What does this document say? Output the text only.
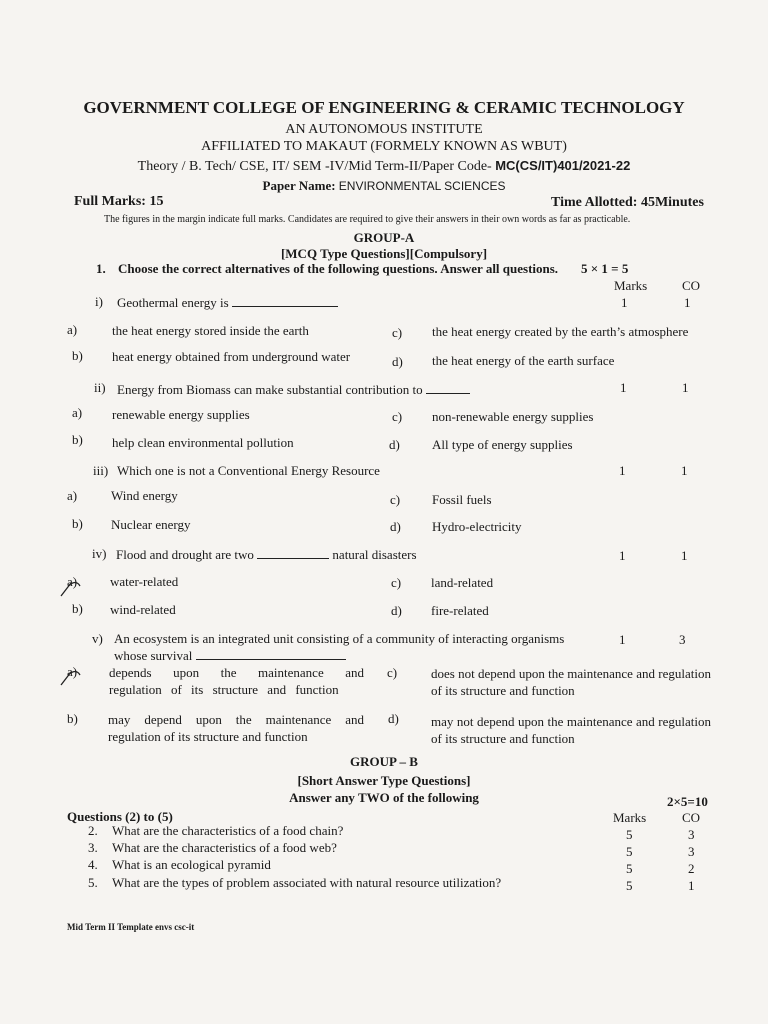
GOVERNMENT COLLEGE OF ENGINEERING & CERAMIC TECHNOLOGY
AN AUTONOMOUS INSTITUTE
AFFILIATED TO MAKAUT (FORMELY KNOWN AS WBUT)
Theory / B. Tech/ CSE, IT/ SEM -IV/Mid Term-II/Paper Code- MC(CS/IT)401/2021-22
Paper Name: ENVIRONMENTAL SCIENCES
Full Marks: 15	Time Allotted: 45Minutes
The figures in the margin indicate full marks. Candidates are required to give their answers in their own words as far as practicable.
GROUP-A
[MCQ Type Questions][Compulsory]
1. Choose the correct alternatives of the following questions. Answer all questions. 5 × 1 = 5
Marks	CO
i) Geothermal energy is	1	1
a)	the heat energy stored inside the earth	c) the heat energy created by the earth’s atmosphere
b) heat energy obtained from underground water	d) the heat energy of the earth surface
ii) Energy from Biomass can make substantial contribution to	1	1
a) renewable energy supplies	c) non-renewable energy supplies
b) help clean environmental pollution	d) All type of energy supplies
iii) Which one is not a Conventional Energy Resource	1	1
a)	Wind energy	c) Fossil fuels
b) Nuclear energy	d) Hydro-electricity
iv) Flood and drought are two	natural disasters	1	1
a)	water-related	c) land-related
b) wind-related	d) fire-related
v) An ecosystem is an integrated unit consisting of a community of interacting organisms
whose survival
1	3
a) depends upon the maintenance and regulation of its structure and function
c)	does not depend upon the maintenance and regulation of its structure and function
b) may depend upon the maintenance and regulation of its structure and function
d) may not depend upon the maintenance and regulation of its structure and function
GROUP – B
[Short Answer Type Questions]
Answer any TWO of the following	2×5=10
Questions (2) to (5)	Marks	CO
2. What are the characteristics of a food chain?	5	3
3. What are the characteristics of a food web?	5	3
4. What is an ecological pyramid	5	2
5. What are the types of problem associated with natural resource utilization?	5	1
Mid Term II Template envs csc-it
